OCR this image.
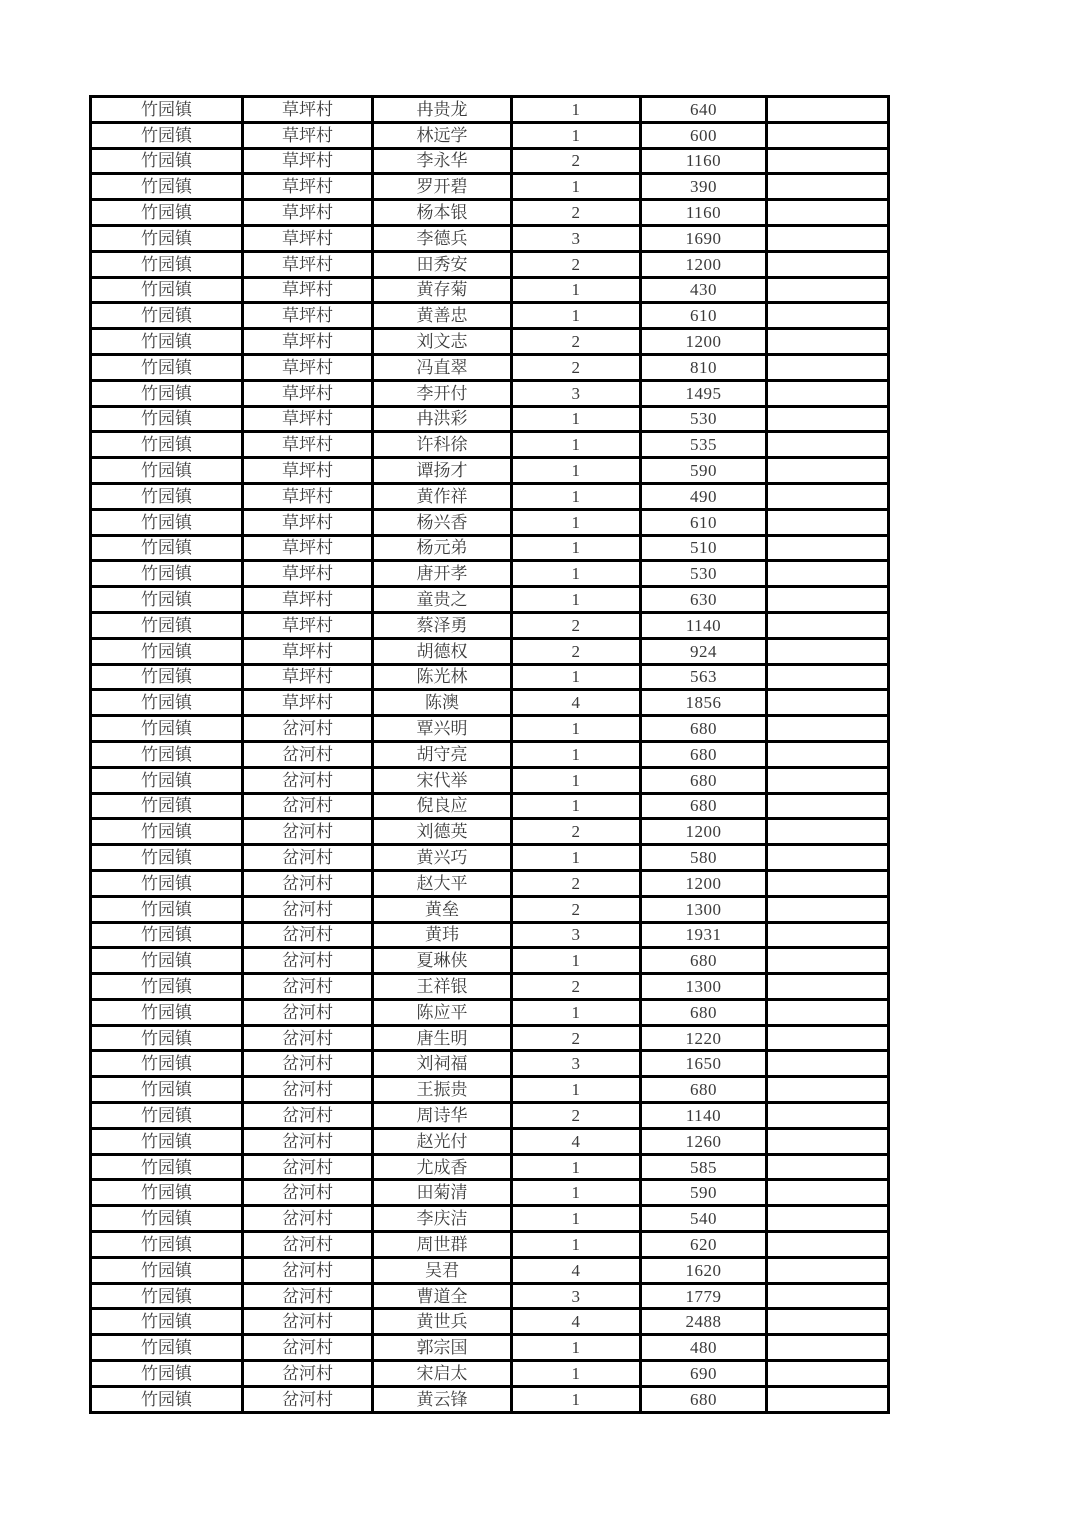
竹园镇	草坪村	冉贵龙	1	640	
竹园镇	草坪村	林远学	1	600	
竹园镇	草坪村	李永华	2	1160	
竹园镇	草坪村	罗开碧	1	390	
竹园镇	草坪村	杨本银	2	1160	
竹园镇	草坪村	李德兵	3	1690	
竹园镇	草坪村	田秀安	2	1200	
竹园镇	草坪村	黄存菊	1	430	
竹园镇	草坪村	黄善忠	1	610	
竹园镇	草坪村	刘文志	2	1200	
竹园镇	草坪村	冯直翠	2	810	
竹园镇	草坪村	李开付	3	1495	
竹园镇	草坪村	冉洪彩	1	530	
竹园镇	草坪村	许科徐	1	535	
竹园镇	草坪村	谭扬才	1	590	
竹园镇	草坪村	黄作祥	1	490	
竹园镇	草坪村	杨兴香	1	610	
竹园镇	草坪村	杨元弟	1	510	
竹园镇	草坪村	唐开孝	1	530	
竹园镇	草坪村	童贵之	1	630	
竹园镇	草坪村	蔡泽勇	2	1140	
竹园镇	草坪村	胡德权	2	924	
竹园镇	草坪村	陈光林	1	563	
竹园镇	草坪村	陈澳	4	1856	
竹园镇	岔河村	覃兴明	1	680	
竹园镇	岔河村	胡守亮	1	680	
竹园镇	岔河村	宋代举	1	680	
竹园镇	岔河村	倪良应	1	680	
竹园镇	岔河村	刘德英	2	1200	
竹园镇	岔河村	黄兴巧	1	580	
竹园镇	岔河村	赵大平	2	1200	
竹园镇	岔河村	黄垒	2	1300	
竹园镇	岔河村	黄玮	3	1931	
竹园镇	岔河村	夏琳侠	1	680	
竹园镇	岔河村	王祥银	2	1300	
竹园镇	岔河村	陈应平	1	680	
竹园镇	岔河村	唐生明	2	1220	
竹园镇	岔河村	刘祠福	3	1650	
竹园镇	岔河村	王振贵	1	680	
竹园镇	岔河村	周诗华	2	1140	
竹园镇	岔河村	赵光付	4	1260	
竹园镇	岔河村	尤成香	1	585	
竹园镇	岔河村	田菊清	1	590	
竹园镇	岔河村	李庆洁	1	540	
竹园镇	岔河村	周世群	1	620	
竹园镇	岔河村	吴君	4	1620	
竹园镇	岔河村	曹道全	3	1779	
竹园镇	岔河村	黄世兵	4	2488	
竹园镇	岔河村	郭宗国	1	480	
竹园镇	岔河村	宋启太	1	690	
竹园镇	岔河村	黄云锋	1	680	
